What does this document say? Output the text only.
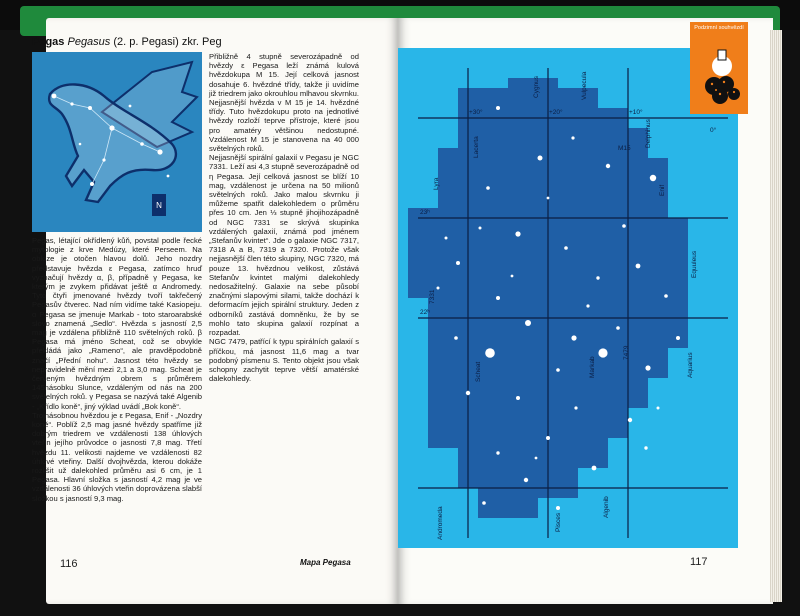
Pegas Pegasus (2. p. Pegasi) zkr. Peg
N

Pegas, létající okřídlený kůň, povstal podle řecké mytologie z krve Medúzy, které Perseem. Na obloze je otočen hlavou dolů. Jeho nozdry představuje hvězda ε Pegasa, zatímco hruď vyznačují hvězdy α, β, případně γ Pegasa, ke kterým je zvykem přidávat ještě α Andromedy. Tyto čtyři jmenované hvězdy tvoří takřečený Pegasův čtverec. Nad ním vidíme také Kasiopeju. α Pegasa se jmenuje Markab - toto staroarabské slovo znamená „Sedlo“. Hvězda s jasností 2,5 mag je vzdálena přibližně 110 světelných roků. β Pegasa má jméno Scheat, což se obvykle překládá jako „Rameno“, ale pravděpodobně značí „Přední nohu“. Jasnost této hvězdy se nepravidelně mění mezi 2,1 a 3,0 mag. Scheat je červeným hvězdným obrem s průměrem 145násobku Slunce, vzdáleným od nás na 200 světelných roků. γ Pegasa se nazývá také Algenib - „Křídlo koně“, jiný výklad uvádí „Bok koně“.

Trojnásobnou hvězdou je ε Pegasa, Enif - „Nozdry koně“. Poblíž 2,5 mag jasné hvězdy spatříme již dobrým triedrem ve vzdálenosti 138 úhlových vteřin jejího průvodce o jasnosti 7,8 mag. Třetí hvězdu 11. velikosti najdeme ve vzdálenosti 82 úhlové vteřiny. Další dvojhvězda, kterou dokáže rozlišit už dalekohled průměru asi 6 cm, je 1 Pegasa. Hlavní složka s jasností 4,2 mag je ve vzdálenosti 36 úhlových vteřin doprovázena slabší složkou s jasností 9,3 mag.

Přibližně 4 stupně severozápadně od hvězdy ε Pegasa leží známá kulová hvězdokupa M 15. Její celková jasnost dosahuje 6. hvězdné třídy, takže ji uvidíme již triedrem jako okrouhlou mlhavou skvrnku. Nejjasnější hvězda v M 15 je 14. hvězdné třídy. Tuto hvězdokupu proto na jednotlivé hvězdy rozloží teprve přístroje, které jsou pro amatéry většinou nedostupné. Vzdálenost M 15 je stanovena na 40 000 světelných roků.

Nejjasnější spirální galaxií v Pegasu je NGC 7331. Leží asi 4,3 stupně severozápadně od η Pegasa. Její celková jasnost se blíží 10 mag, vzdálenost je určena na 50 milionů světelných roků. Jako malou skvrnku ji můžeme spatřit dalekohledem o průměru přes 10 cm. Jen ⅓ stupně jihojihozápadně od NGC 7331 se skrývá skupinka vzdálených galaxií, známá pod jménem „Stefanův kvintet“. Jde o galaxie NGC 7317, 7318 A a B, 7319 a 7320. Protože však nejjasnější člen této skupiny, NGC 7320, má pouze 13. hvězdnou velikost, zůstává Stefanův kvintet malými dalekohledy nedosažitelný. Galaxie na sebe působí značnými slapovými silami, takže dochází k deformacím jejich spirální struktury. Jeden z odborníků zastává domněnku, že by se mohlo tato skupina galaxií rozpínat a rozpadat.

NGC 7479, patřící k typu spirálních galaxií s příčkou, má jasnost 11,6 mag a tvar podobný písmenu S. Tento objekt jsou však schopny zachytit teprve větší amatérské dalekohledy.

116	Mapa Pegasa
+30°	+20°	+10°
0°
23ʰ
22ʰ
Lacerta
Lyra
Cygnus	Vulpecula
Delphinus
Equuleus
Aquarius
Pisces
Andromeda
Scheat	Markab
Algenib
Enif
M15
7331
7479
Podzimní souhvězdí
117
